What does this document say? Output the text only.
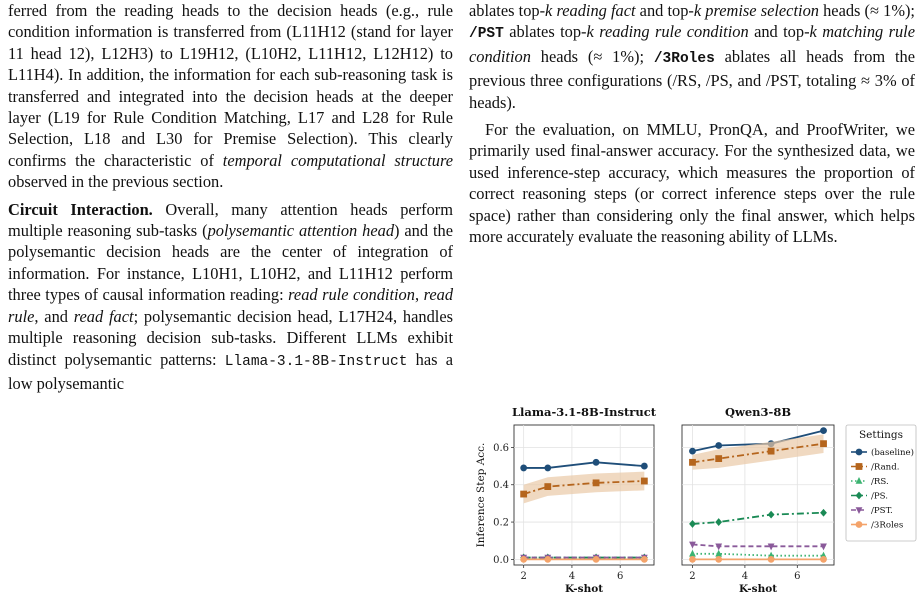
ferred from the reading heads to the decision heads (e.g., rule condition information is transferred from (L11H12 (stand for layer 11 head 12), L12H3) to L19H12, (L10H2, L11H12, L12H12) to L11H4). In addition, the information for each sub-reasoning task is transferred and integrated into the decision heads at the deeper layer (L19 for Rule Condition Matching, L17 and L28 for Rule Selection, L18 and L30 for Premise Selection). This clearly confirms the characteristic of temporal computational structure observed in the previous section.

Circuit Interaction. Overall, many attention heads perform multiple reasoning sub-tasks (polysemantic attention head) and the polysemantic decision heads are the center of integration of information. For instance, L10H1, L10H2, and L11H12 perform three types of causal information reading: read rule condition, read rule, and read fact; polysemantic decision head, L17H24, handles multiple reasoning decision sub-tasks. Different LLMs exhibit distinct polysemantic patterns: Llama-3.1-8B-Instruct has a low polysemantic

ablates top-k reading fact and top-k premise selection heads (≈ 1%); /PST ablates top-k reading rule condition and top-k matching rule condition heads (≈ 1%); /3Roles ablates all heads from the previous three configurations (/RS, /PS, and /PST, totaling ≈ 3% of heads).

For the evaluation, on MMLU, PronQA, and ProofWriter, we primarily used final-answer accuracy. For the synthesized data, we used inference-step accuracy, which measures the proportion of correct reasoning steps (or correct inference steps over the rule space) rather than considering only the final answer, which helps more accurately evaluate the reasoning ability of LLMs.

Llama-3.1-8B-Instruct
2	4	6
K-shot
0.0
0.2
0.4
0.6
Inference Step Acc.
Qwen3-8B
2	4	6
K-shot
Settings
(baseline)
/Rand.
/RS.
/PS.
/PST.
/3Roles
